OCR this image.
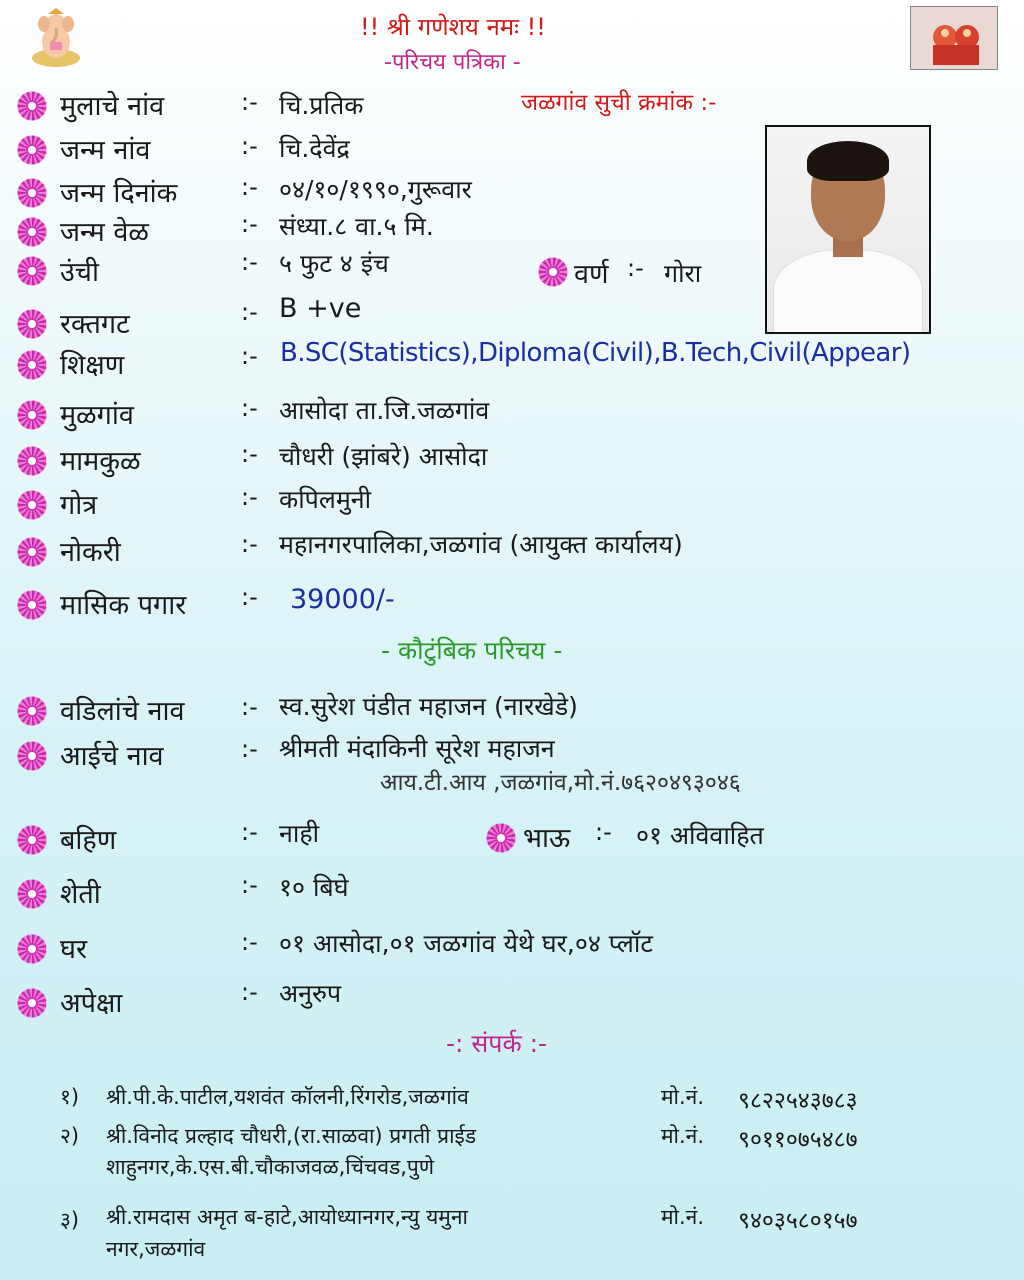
!! श्री गणेशय नमः !!
-परिचय पत्रिका -
जळगांव सुची क्रमांक :-
मुलाचे नांव	:- चि.प्रतिक
जन्म नांव	:- चि.देवेंद्र
जन्म दिनांक	:- ०४/१०/१९९०,गुरूवार
जन्म वेळ	:- संध्या.८ वा.५ मि.
उंची	:- ५ फुट ४ इंच	वर्ण :- गोरा
रक्तगट	:- B +ve
शिक्षण	:- B.SC(Statistics),Diploma(Civil),B.Tech,Civil(Appear)
मुळगांव	:- आसोदा ता.जि.जळगांव
मामकुळ	:- चौधरी (झांबरे) आसोदा
गोत्र	:- कपिलमुनी
नोकरी	:- महानगरपालिका,जळगांव (आयुक्त कार्यालय)
मासिक पगार :- 39000/-
- कौटुंबिक परिचय -
वडिलांचे नाव :- स्व.सुरेश पंडीत महाजन (नारखेडे)
आईचे नाव	:- श्रीमती मंदाकिनी सूरेश महाजन
आय.टी.आय ,जळगांव,मो.नं.७६२०४९३०४६
बहिण	:- नाही	भाऊ :- ०१ अविवाहित
शेती	:- १० बिघे
घर	:- ०१ आसोदा,०१ जळगांव येथे घर,०४ प्लॉट
अपेक्षा	:- अनुरुप
-: संपर्क :-
१) श्री.पी.के.पाटील,यशवंत कॉलनी,रिंगरोड,जळगांव	मो.नं. ९८२२५४३७८३
२) श्री.विनोद प्रल्हाद चौधरी,(रा.साळवा) प्रगती प्राईड
शाहुनगर,के.एस.बी.चौकाजवळ,चिंचवड,पुणे
मो.नं. ९०११०७५४८७
३) श्री.रामदास अमृत ब-हाटे,आयोध्यानगर,न्यु यमुना
नगर,जळगांव
मो.नं. ९४०३५८०१५७
